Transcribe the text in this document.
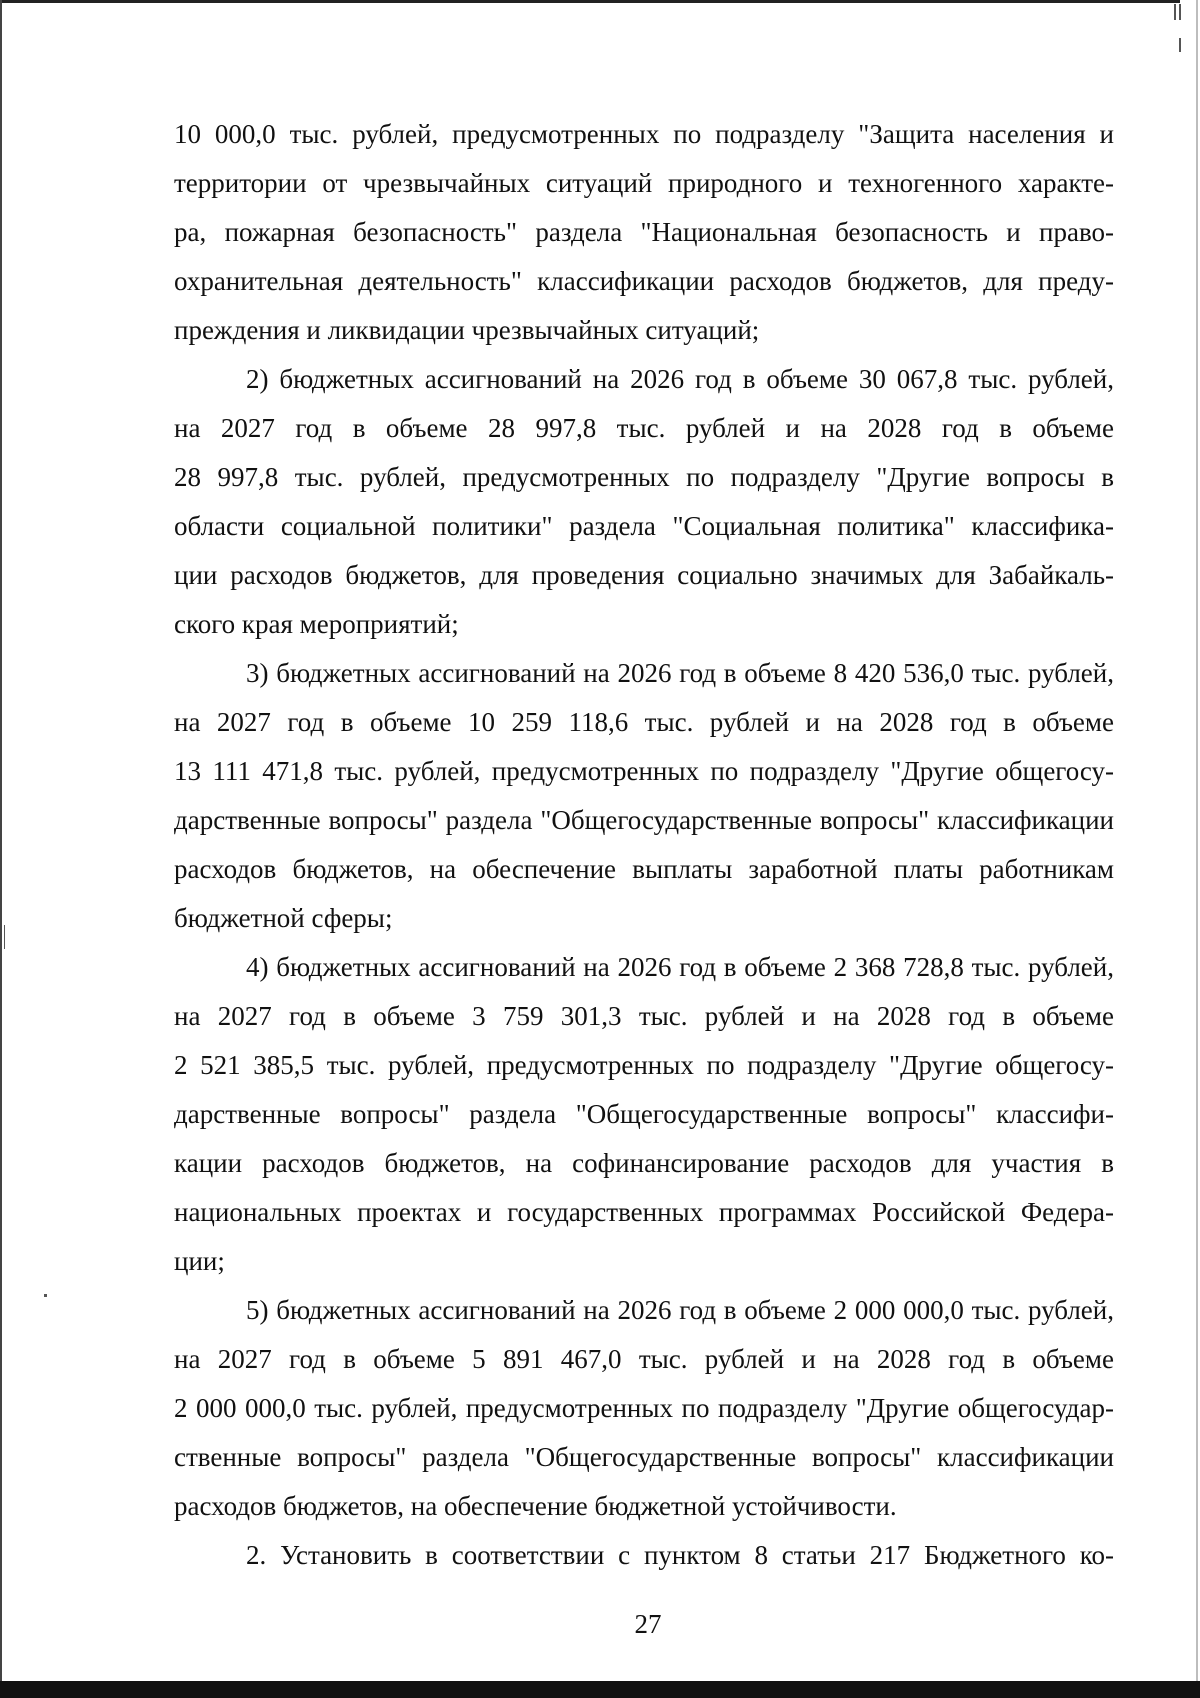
10 000,0 тыс. рублей, предусмотренных по подразделу "Защита населения и
территории от чрезвычайных ситуаций природного и техногенного характе-
ра, пожарная безопасность" раздела "Национальная безопасность и право-
охранительная деятельность" классификации расходов бюджетов, для преду-
преждения и ликвидации чрезвычайных ситуаций;
2) бюджетных ассигнований на 2026 год в объеме 30 067,8 тыс. рублей,
на 2027 год в объеме 28 997,8 тыс. рублей и на 2028 год в объеме
28 997,8 тыс. рублей, предусмотренных по подразделу "Другие вопросы в
области социальной политики" раздела "Социальная политика" классифика-
ции расходов бюджетов, для проведения социально значимых для Забайкаль-
ского края мероприятий;
3) бюджетных ассигнований на 2026 год в объеме 8 420 536,0 тыс. рублей,
на 2027 год в объеме 10 259 118,6 тыс. рублей и на 2028 год в объеме
13 111 471,8 тыс. рублей, предусмотренных по подразделу "Другие общегосу-
дарственные вопросы" раздела "Общегосударственные вопросы" классификации
расходов бюджетов, на обеспечение выплаты заработной платы работникам
бюджетной сферы;
4) бюджетных ассигнований на 2026 год в объеме 2 368 728,8 тыс. рублей,
на 2027 год в объеме 3 759 301,3 тыс. рублей и на 2028 год в объеме
2 521 385,5 тыс. рублей, предусмотренных по подразделу "Другие общегосу-
дарственные вопросы" раздела "Общегосударственные вопросы" классифи-
кации расходов бюджетов, на софинансирование расходов для участия в
национальных проектах и государственных программах Российской Федера-
ции;
5) бюджетных ассигнований на 2026 год в объеме 2 000 000,0 тыс. рублей,
на 2027 год в объеме 5 891 467,0 тыс. рублей и на 2028 год в объеме
2 000 000,0 тыс. рублей, предусмотренных по подразделу "Другие общегосудар-
ственные вопросы" раздела "Общегосударственные вопросы" классификации
расходов бюджетов, на обеспечение бюджетной устойчивости.
2. Установить в соответствии с пунктом 8 статьи 217 Бюджетного ко-
27
